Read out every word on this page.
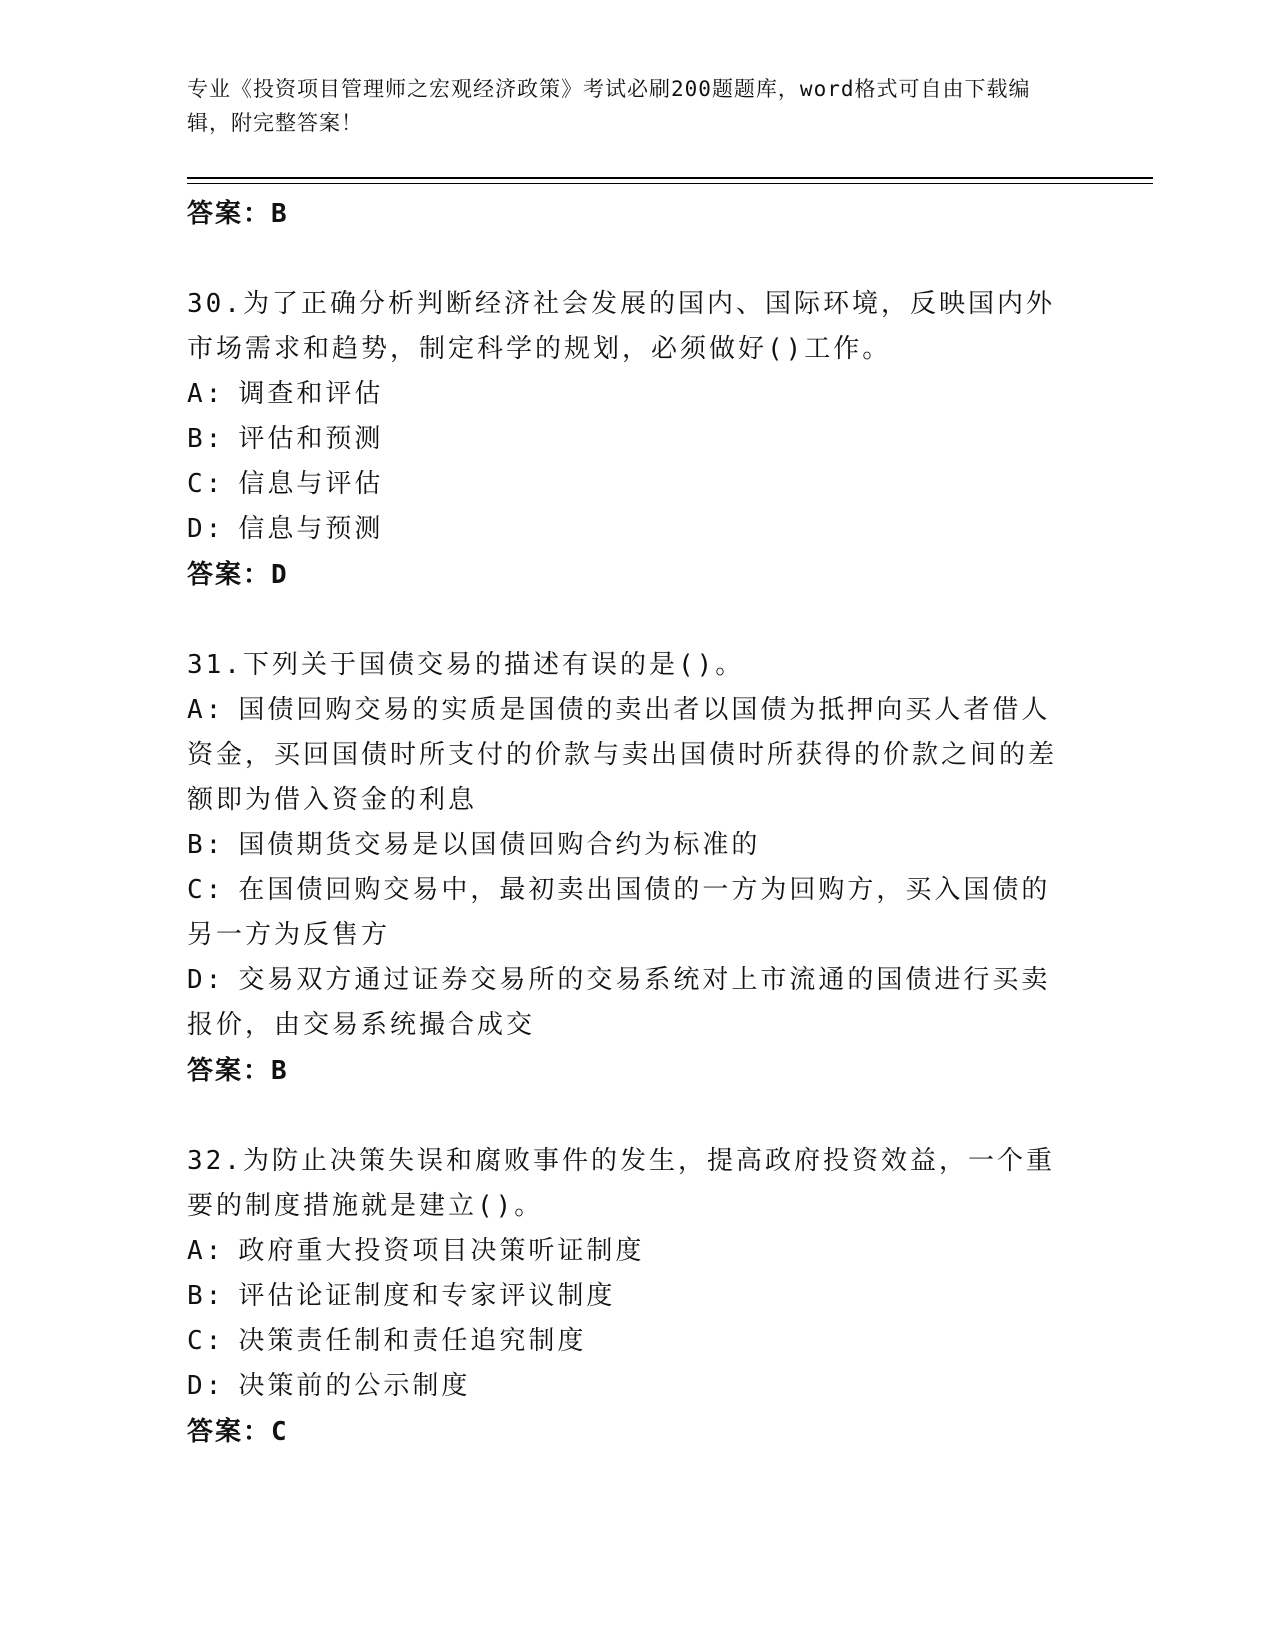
专业《投资项目管理师之宏观经济政策》考试必刷200题题库，word格式可自由下载编辑，附完整答案！
答案：B
30.为了正确分析判断经济社会发展的国内、国际环境，反映国内外市场需求和趋势，制定科学的规划，必须做好()工作。
A: 调查和评估
B: 评估和预测
C: 信息与评估
D: 信息与预测
答案：D
31.下列关于国债交易的描述有误的是()。
A: 国债回购交易的实质是国债的卖出者以国债为抵押向买人者借人资金，买回国债时所支付的价款与卖出国债时所获得的价款之间的差额即为借入资金的利息
B: 国债期货交易是以国债回购合约为标准的
C: 在国债回购交易中，最初卖出国债的一方为回购方，买入国债的另一方为反售方
D: 交易双方通过证券交易所的交易系统对上市流通的国债进行买卖报价，由交易系统撮合成交
答案：B
32.为防止决策失误和腐败事件的发生，提高政府投资效益，一个重要的制度措施就是建立()。
A: 政府重大投资项目决策听证制度
B: 评估论证制度和专家评议制度
C: 决策责任制和责任追究制度
D: 决策前的公示制度
答案：C
